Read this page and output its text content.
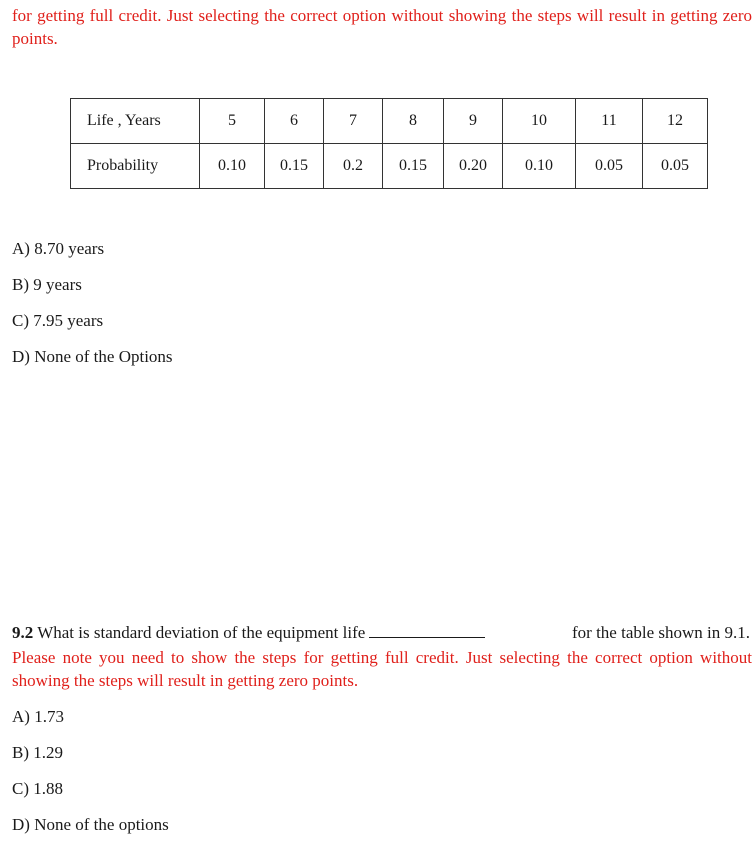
for getting full credit. Just selecting the correct option without showing the steps will result in getting zero points.
Life , Years	5	6	7	8	9	10	11	12
Probability	0.10	0.15	0.2	0.15	0.20	0.10	0.05	0.05
A) 8.70 years
B) 9 years
C) 7.95 years
D) None of the Options
9.2 What is standard deviation of the equipment life	for the table shown in 9.1.
Please note you need to show the steps for getting full credit. Just selecting the correct option without showing the steps will result in getting zero points.
A) 1.73
B) 1.29
C) 1.88
D) None of the options
